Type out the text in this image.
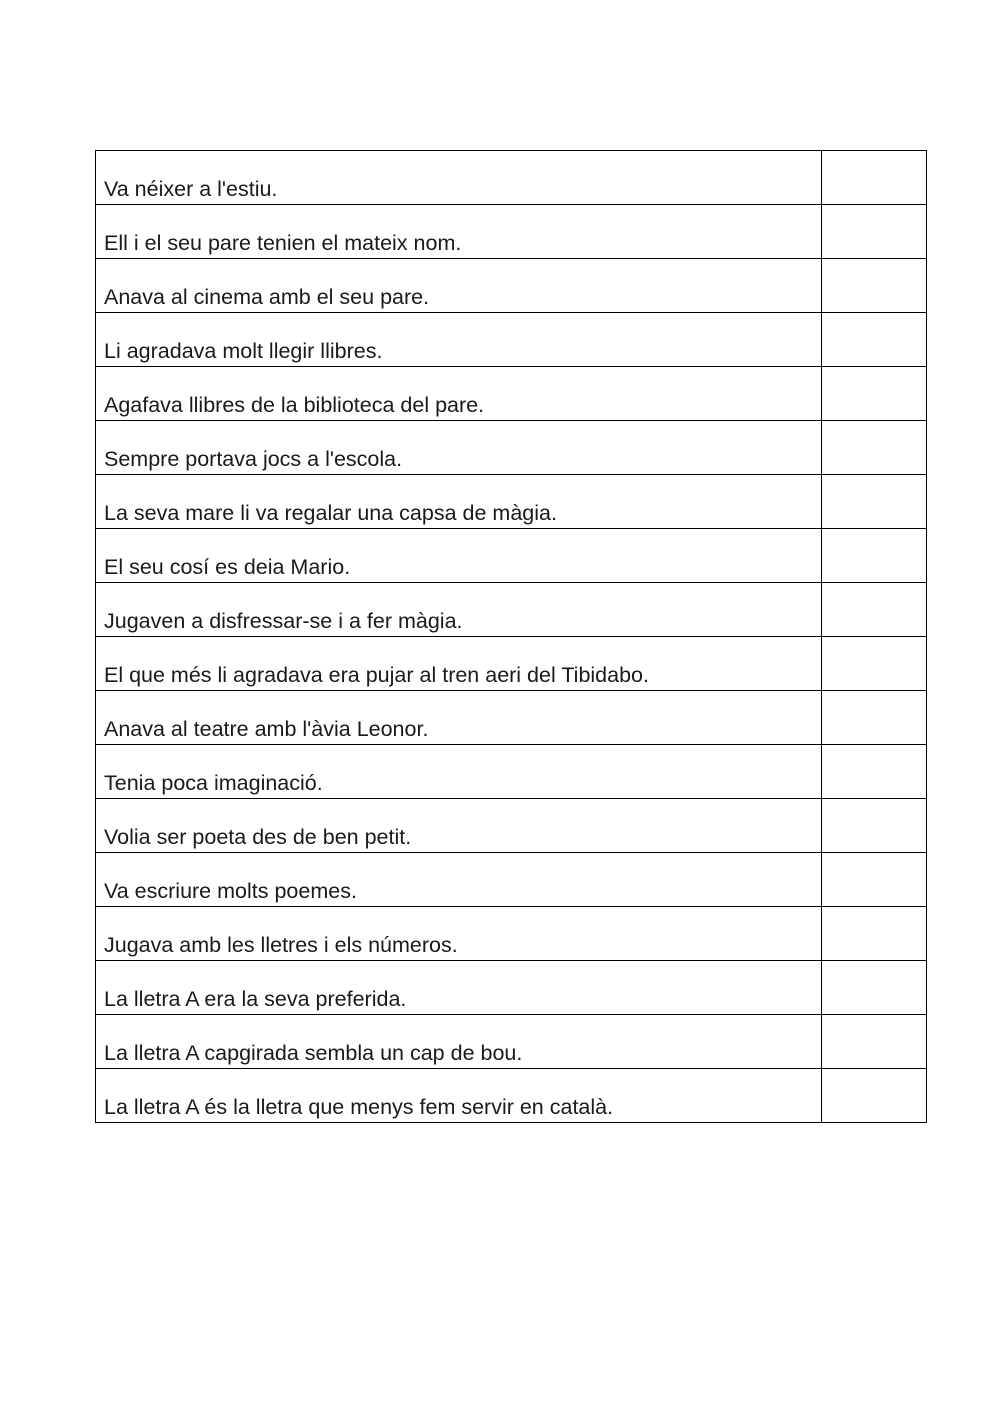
Va néixer a l'estiu.	

Ell i el seu pare tenien el mateix nom.	

Anava al cinema amb el seu pare.	

Li agradava molt llegir llibres.	

Agafava llibres de la biblioteca del pare.	

Sempre portava jocs a l'escola.	

La seva mare li va regalar una capsa de màgia.	

El seu cosí es deia Mario.	

Jugaven a disfressar-se i a fer màgia.	

El que més li agradava era pujar al tren aeri del Tibidabo.	

Anava al teatre amb l'àvia Leonor.	

Tenia poca imaginació.	

Volia ser poeta des de ben petit.	

Va escriure molts poemes.	

Jugava amb les lletres i els números.	

La lletra A era la seva preferida.	

La lletra A capgirada sembla un cap de bou.	

La lletra A és la lletra que menys fem servir en català.	
